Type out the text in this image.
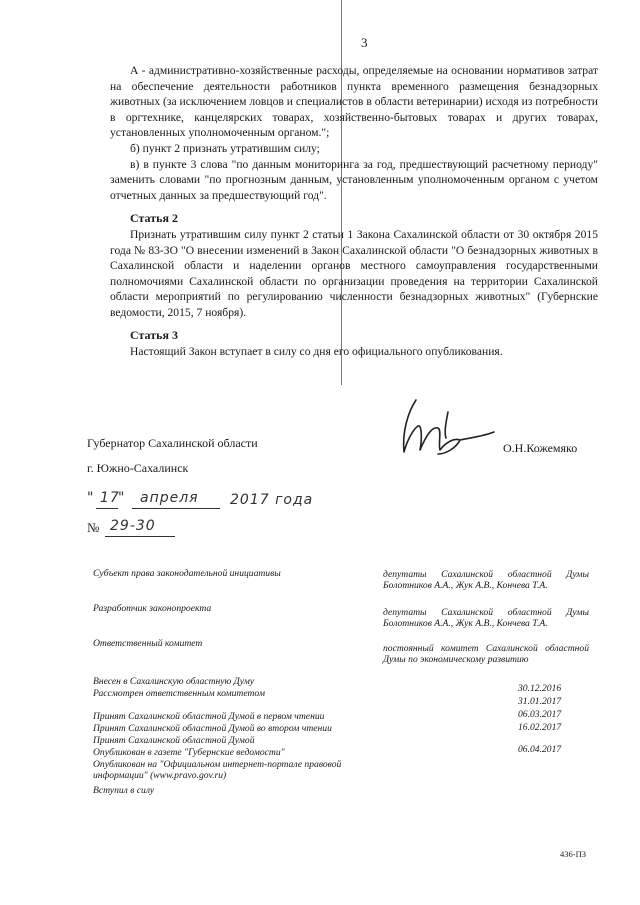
3

А - административно-хозяйственные расходы, определяемые на основании нормативов затрат на обеспечение деятельности работников пункта временного размещения безнадзорных животных (за исключением ловцов и специалистов в области ветеринарии) исходя из потребности в оргтехнике, канцелярских товарах, хозяйственно-бытовых товарах и других товарах, установленных уполномоченным органом.";

б) пункт 2 признать утратившим силу;

в) в пункте 3 слова "по данным мониторинга за год, предшествующий расчетному периоду" заменить словами "по прогнозным данным, установленным уполномоченным органом с учетом отчетных данных за предшествующий год".

Статья 2

Признать утратившим силу пункт 2 статьи 1 Закона Сахалинской области от 30 октября 2015 года № 83-ЗО "О внесении изменений в Закон Сахалинской области "О безнадзорных животных в Сахалинской области и наделении органов местного самоуправления государственными полномочиями Сахалинской области по организации проведения на территории Сахалинской области мероприятий по регулированию численности безнадзорных животных" (Губернские ведомости, 2015, 7 ноября).

Статья 3

Настоящий Закон вступает в силу со дня его официального опубликования.

Губернатор Сахалинской области
г. Южно-Сахалинск
О.Н.Кожемяко
" 17
" апреля 2017 года
№ 29-30
Субъект права законодательной инициативы
Разработчик законопроекта
Ответственный комитет
депутаты Сахалинской областной Думы Болотников А.А., Жук А.В., Кончева Т.А.
депутаты Сахалинской областной Думы Болотников А.А., Жук А.В., Кончева Т.А.
постоянный комитет Сахалинской областной Думы по экономическому развитию
Внесен в Сахалинскую областную Думу
Рассмотрен ответственным комитетом
Принят Сахалинской областной Думой в первом чтении
Принят Сахалинской областной Думой во втором чтении
Принят Сахалинской областной Думой
Опубликован в газете "Губернские ведомости"
Опубликован на "Официальном интернет-портале правовой информации" (www.pravo.gov.ru)
Вступил в силу
30.12.2016
31.01.2017
06.03.2017
16.02.2017
06.04.2017
436-ПЗ
